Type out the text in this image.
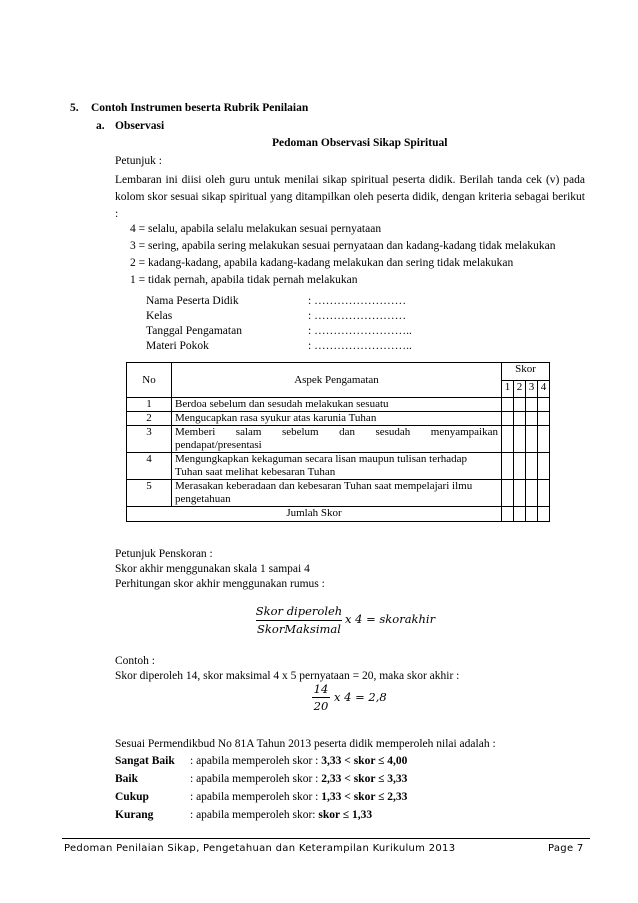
5. Contoh Instrumen beserta Rubrik Penilaian
a. Observasi
Pedoman Observasi Sikap Spiritual
Petunjuk :
Lembaran ini diisi oleh guru untuk menilai sikap spiritual peserta didik. Berilah tanda cek (v) pada kolom skor sesuai sikap spiritual yang ditampilkan oleh peserta didik, dengan kriteria sebagai berikut :
4 = selalu, apabila selalu melakukan sesuai pernyataan
3 = sering, apabila sering melakukan sesuai pernyataan dan kadang-kadang tidak melakukan
2 = kadang-kadang, apabila kadang-kadang melakukan dan sering tidak melakukan
1 = tidak pernah, apabila tidak pernah melakukan
Nama Peserta Didik	: ……………………
Kelas	: ……………………
Tanggal Pengamatan	: ……………………..
Materi Pokok	: ……………………..
No	Aspek Pengamatan	Skor			
		1	2	3	4
1	Berdoa sebelum dan sesudah melakukan sesuatu				
2	Mengucapkan rasa syukur atas karunia Tuhan				
3	Memberi salam sebelum dan sesudah menyampaikan
pendapat/presentasi				

4	Mengungkapkan kekaguman secara lisan maupun tulisan terhadap
Tuhan saat melihat kebesaran Tuhan				

5	Merasakan keberadaan dan kebesaran Tuhan saat mempelajari ilmu
pengetahuan				

Jumlah Skor					
Petunjuk Penskoran :
Skor akhir menggunakan skala 1 sampai 4
Perhitungan skor akhir menggunakan rumus :
Skor diperoleh
SkorMaksimal
x 4 = skorakhir
Contoh :
Skor diperoleh 14, skor maksimal 4 x 5 pernyataan = 20, maka skor akhir :
14
20
x 4 = 2,8
Sesuai Permendikbud No 81A Tahun 2013 peserta didik memperoleh nilai adalah :
Sangat Baik : apabila memperoleh skor : 3,33 < skor ≤ 4,00
Baik	: apabila memperoleh skor : 2,33 < skor ≤ 3,33
Cukup	: apabila memperoleh skor : 1,33 < skor ≤ 2,33
Kurang	: apabila memperoleh skor: skor ≤ 1,33
Pedoman Penilaian Sikap, Pengetahuan dan Keterampilan Kurikulum 2013	Page 7
